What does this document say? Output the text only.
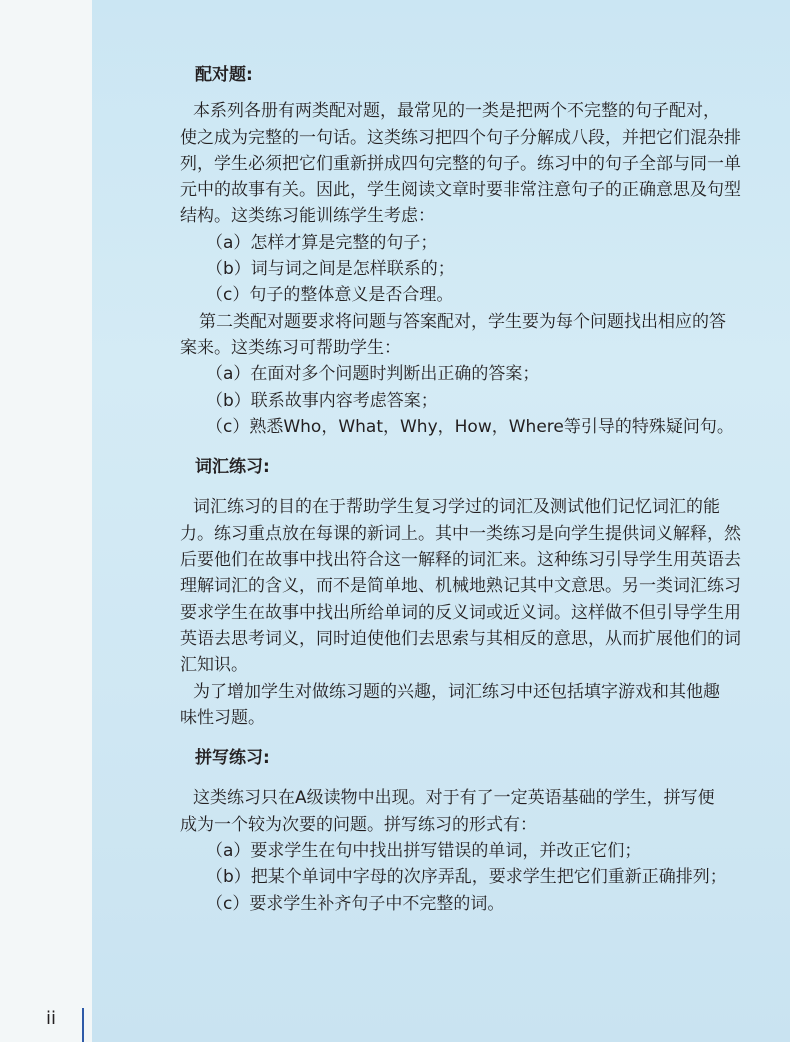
配对题:

本系列各册有两类配对题，最常见的一类是把两个不完整的句子配对，

使之成为完整的一句话。这类练习把四个句子分解成八段，并把它们混杂排

列，学生必须把它们重新拼成四句完整的句子。练习中的句子全部与同一单

元中的故事有关。因此，学生阅读文章时要非常注意句子的正确意思及句型

结构。这类练习能训练学生考虑：

（a）怎样才算是完整的句子；

（b）词与词之间是怎样联系的；

（c）句子的整体意义是否合理。

第二类配对题要求将问题与答案配对，学生要为每个问题找出相应的答

案来。这类练习可帮助学生：

（a）在面对多个问题时判断出正确的答案；

（b）联系故事内容考虑答案；

（c）熟悉Who，What，Why，How，Where等引导的特殊疑问句。

词汇练习:

词汇练习的目的在于帮助学生复习学过的词汇及测试他们记忆词汇的能

力。练习重点放在每课的新词上。其中一类练习是向学生提供词义解释，然

后要他们在故事中找出符合这一解释的词汇来。这种练习引导学生用英语去

理解词汇的含义，而不是简单地、机械地熟记其中文意思。另一类词汇练习

要求学生在故事中找出所给单词的反义词或近义词。这样做不但引导学生用

英语去思考词义，同时迫使他们去思索与其相反的意思，从而扩展他们的词

汇知识。

为了增加学生对做练习题的兴趣，词汇练习中还包括填字游戏和其他趣

味性习题。

拼写练习:

这类练习只在A级读物中出现。对于有了一定英语基础的学生，拼写便

成为一个较为次要的问题。拼写练习的形式有：

（a）要求学生在句中找出拼写错误的单词，并改正它们；

（b）把某个单词中字母的次序弄乱，要求学生把它们重新正确排列；

（c）要求学生补齐句子中不完整的词。

ii
